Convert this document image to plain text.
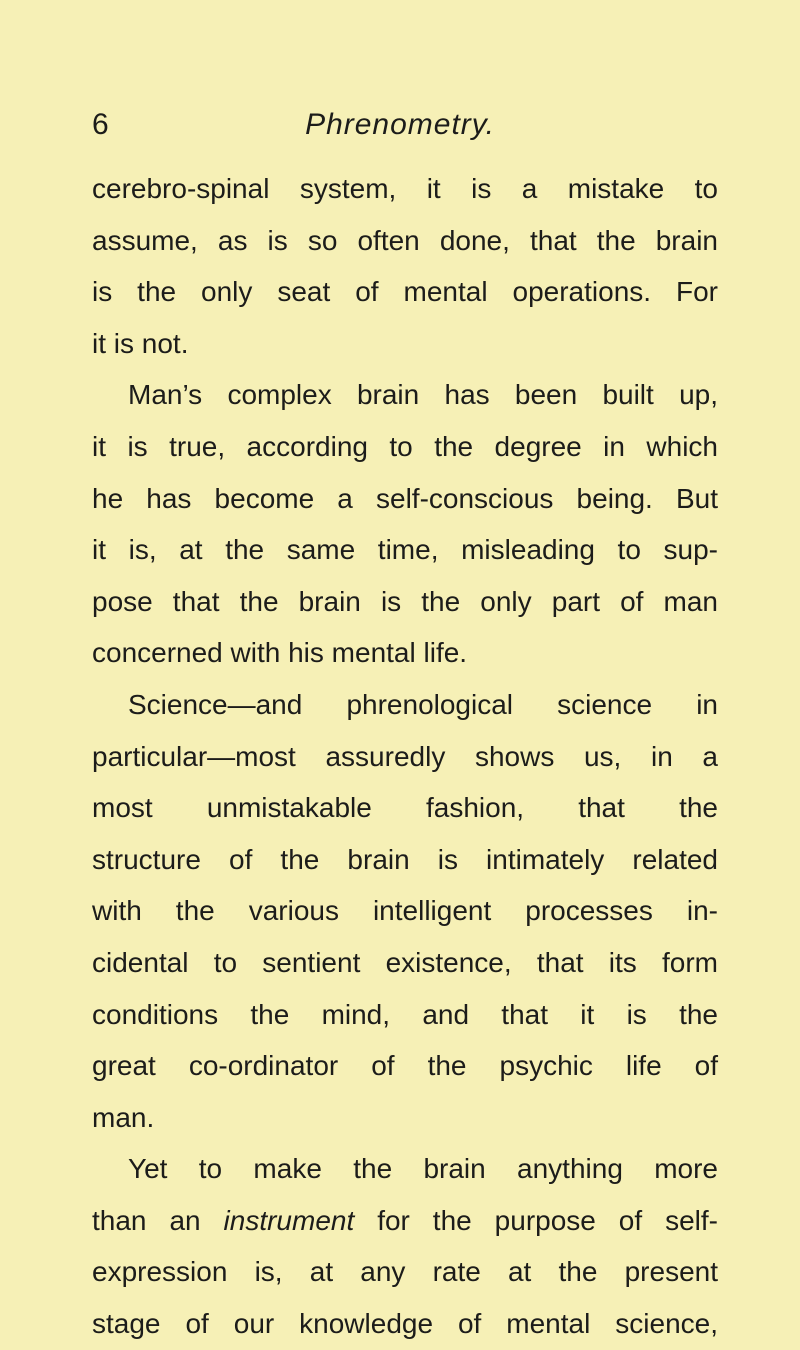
6	Phrenometry.
cerebro-spinal system, it is a mistake to
assume, as is so often done, that the brain
is the only seat of mental operations. For
it is not.
Man’s complex brain has been built up,
it is true, according to the degree in which
he has become a self-conscious being. But
it is, at the same time, misleading to sup-
pose that the brain is the only part of man
concerned with his mental life.
Science—and phrenological science in
particular—most assuredly shows us, in a
most unmistakable fashion, that the
structure of the brain is intimately related
with the various intelligent processes in-
cidental to sentient existence, that its form
conditions the mind, and that it is the
great co-ordinator of the psychic life of
man.
Yet to make the brain anything more
than an instrument for the purpose of self-
expression is, at any rate at the present
stage of our knowledge of mental science,
